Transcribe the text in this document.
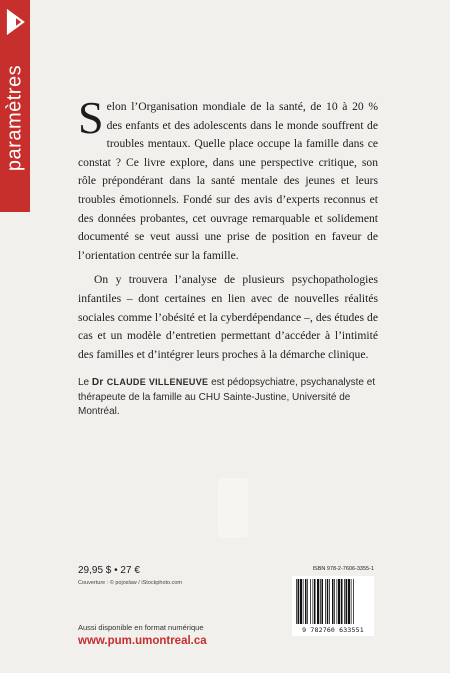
paramètres Selon l’Organisation mondiale de la santé, de 10 à 20 % des enfants et des adolescents dans le monde souffrent de troubles mentaux. Quelle place occupe la famille dans ce constat ? Ce livre explore, dans une perspective critique, son rôle prépondérant dans la santé mentale des jeunes et leurs troubles émotionnels. Fondé sur des avis d’experts reconnus et des données probantes, cet ouvrage remarquable et solidement documenté se veut aussi une prise de position en faveur de l’orientation centrée sur la famille.

On y trouvera l’analyse de plusieurs psychopathologies infantiles – dont certaines en lien avec de nouvelles réalités sociales comme l’obésité et la cyberdépendance –, des études de cas et un modèle d’entretien permettant d’accéder à l’intimité des familles et d’intégrer leurs proches à la démarche clinique.

Le Dr CLAUDE VILLENEUVE est pédopsychiatre, psychanalyste et thérapeute de la famille au CHU Sainte-Justine, Université de Montréal.
29,95 $ • 27 €
Couverture : © pojoslaw / iStockphoto.com
Aussi disponible en format numérique
www.pum.umontreal.ca
ISBN 978-2-7606-3355-1
9 782760 633551
